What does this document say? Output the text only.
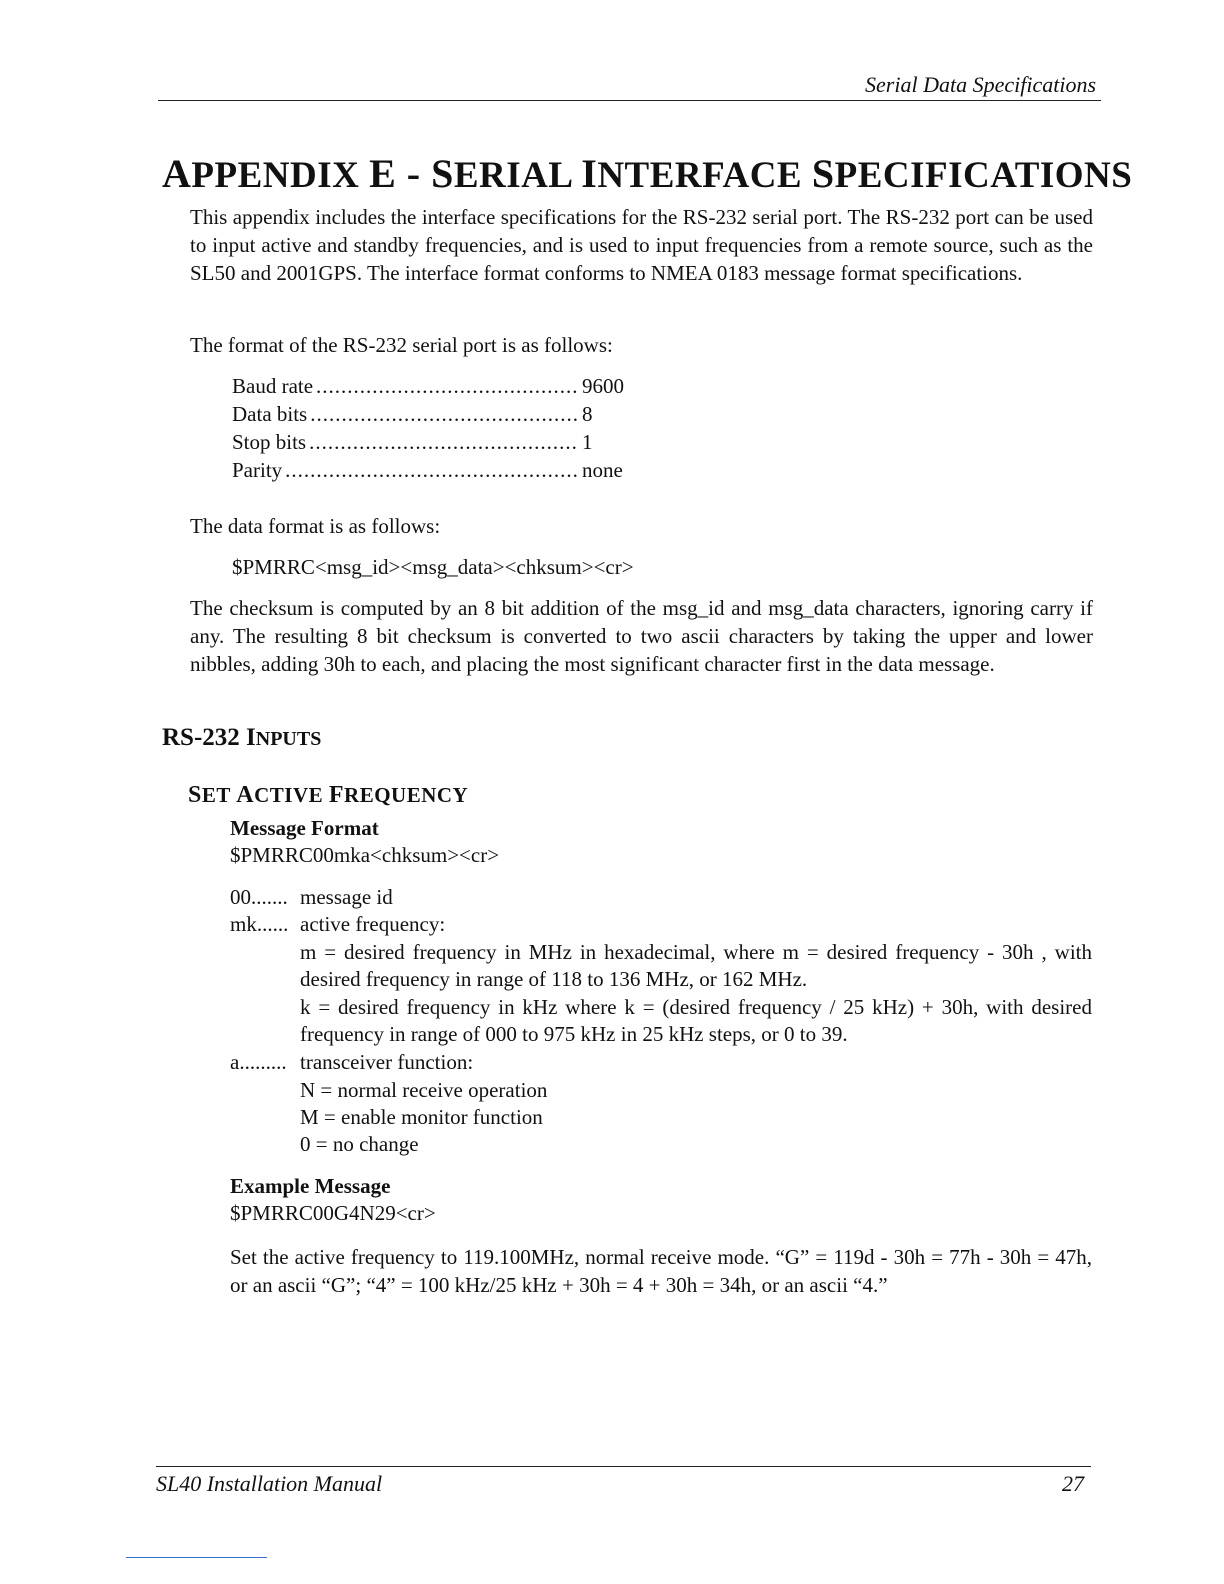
Serial Data Specifications
APPENDIX E - SERIAL INTERFACE SPECIFICATIONS
This appendix includes the interface specifications for the RS-232 serial port. The RS-232 port can be used to input active and standby frequencies, and is used to input frequencies from a remote source, such as the SL50 and 2001GPS. The interface format conforms to NMEA 0183 message format specifications.
The format of the RS-232 serial port is as follows:
Baud rate .....	9600
Data bits .....	8
Stop bits .....	1
Parity .....	none
The data format is as follows:
$PMRRC<msg_id><msg_data><chksum><cr>
The checksum is computed by an 8 bit addition of the msg_id and msg_data characters, ignoring carry if any. The resulting 8 bit checksum is converted to two ascii characters by taking the upper and lower nibbles, adding 30h to each, and placing the most significant character first in the data message.
RS-232 INPUTS
SET ACTIVE FREQUENCY
Message Format
$PMRRC00mka<chksum><cr>
00....... message id
mk...... active frequency:
m = desired frequency in MHz in hexadecimal, where m = desired frequency - 30h , with desired frequency in range of 118 to 136 MHz, or 162 MHz.
k = desired frequency in kHz where k = (desired frequency / 25 kHz) + 30h, with desired frequency in range of 000 to 975 kHz in 25 kHz steps, or 0 to 39.
a......... transceiver function:
N = normal receive operation
M = enable monitor function
0 = no change
Example Message
$PMRRC00G4N29<cr>
Set the active frequency to 119.100MHz, normal receive mode. “G” = 119d - 30h = 77h - 30h = 47h, or an ascii “G”; “4” = 100 kHz/25 kHz + 30h = 4 + 30h = 34h, or an ascii “4.”
SL40 Installation Manual	27
